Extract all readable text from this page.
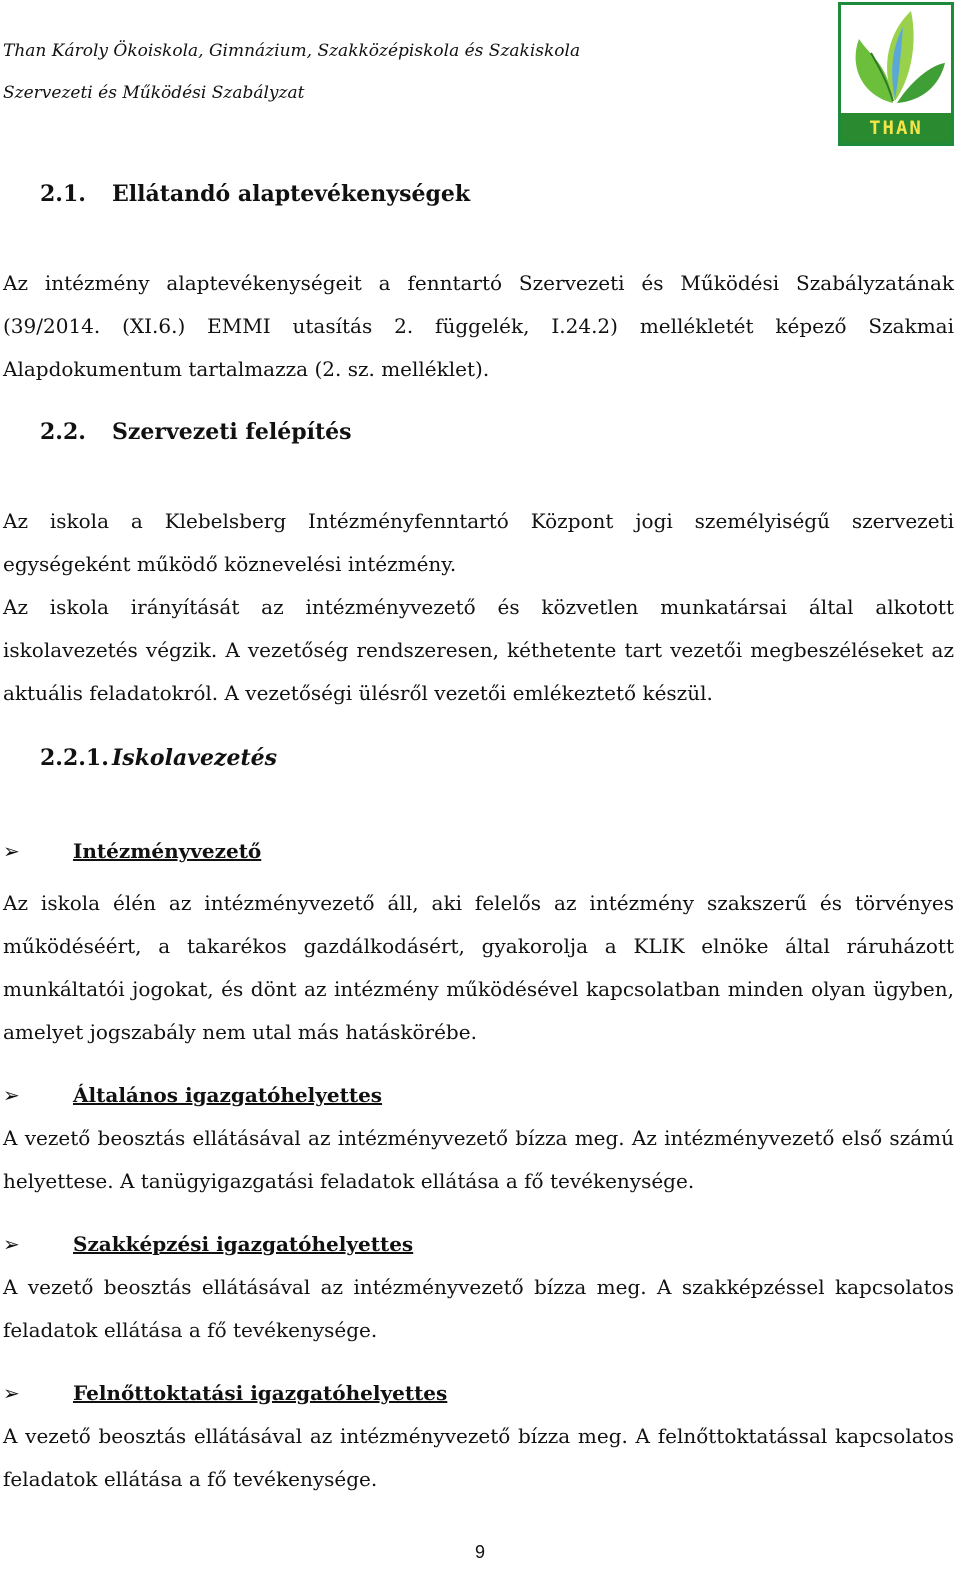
Than Károly Ökoiskola, Gimnázium, Szakközépiskola és Szakiskola
Szervezeti és Működési Szabályzat
THAN
2.1. Ellátandó alaptevékenységek

Az intézmény alaptevékenységeit a fenntartó Szervezeti és Működési Szabályzatának (39/2014. (XI.6.) EMMI utasítás 2. függelék, I.24.2) mellékletét képező Szakmai Alapdokumentum tartalmazza (2. sz. melléklet).

2.2. Szervezeti felépítés

Az iskola a Klebelsberg Intézményfenntartó Központ jogi személyiségű szervezeti egységeként működő köznevelési intézmény.

Az iskola irányítását az intézményvezető és közvetlen munkatársai által alkotott iskolavezetés végzik. A vezetőség rendszeresen, kéthetente tart vezetői megbeszéléseket az aktuális feladatokról. A vezetőségi ülésről vezetői emlékeztető készül.

2.2.1. Iskolavezetés
➢	Intézményvezető

Az iskola élén az intézményvezető áll, aki felelős az intézmény szakszerű és törvényes működéséért, a takarékos gazdálkodásért, gyakorolja a KLIK elnöke által ráruházott munkáltatói jogokat, és dönt az intézmény működésével kapcsolatban minden olyan ügyben, amelyet jogszabály nem utal más hatáskörébe.

➢	Általános igazgatóhelyettes

A vezető beosztás ellátásával az intézményvezető bízza meg. Az intézményvezető első számú helyettese. A tanügyigazgatási feladatok ellátása a fő tevékenysége.

➢	Szakképzési igazgatóhelyettes

A vezető beosztás ellátásával az intézményvezető bízza meg. A szakképzéssel kapcsolatos feladatok ellátása a fő tevékenysége.

➢	Felnőttoktatási igazgatóhelyettes

A vezető beosztás ellátásával az intézményvezető bízza meg. A felnőttoktatással kapcsolatos feladatok ellátása a fő tevékenysége.

9
